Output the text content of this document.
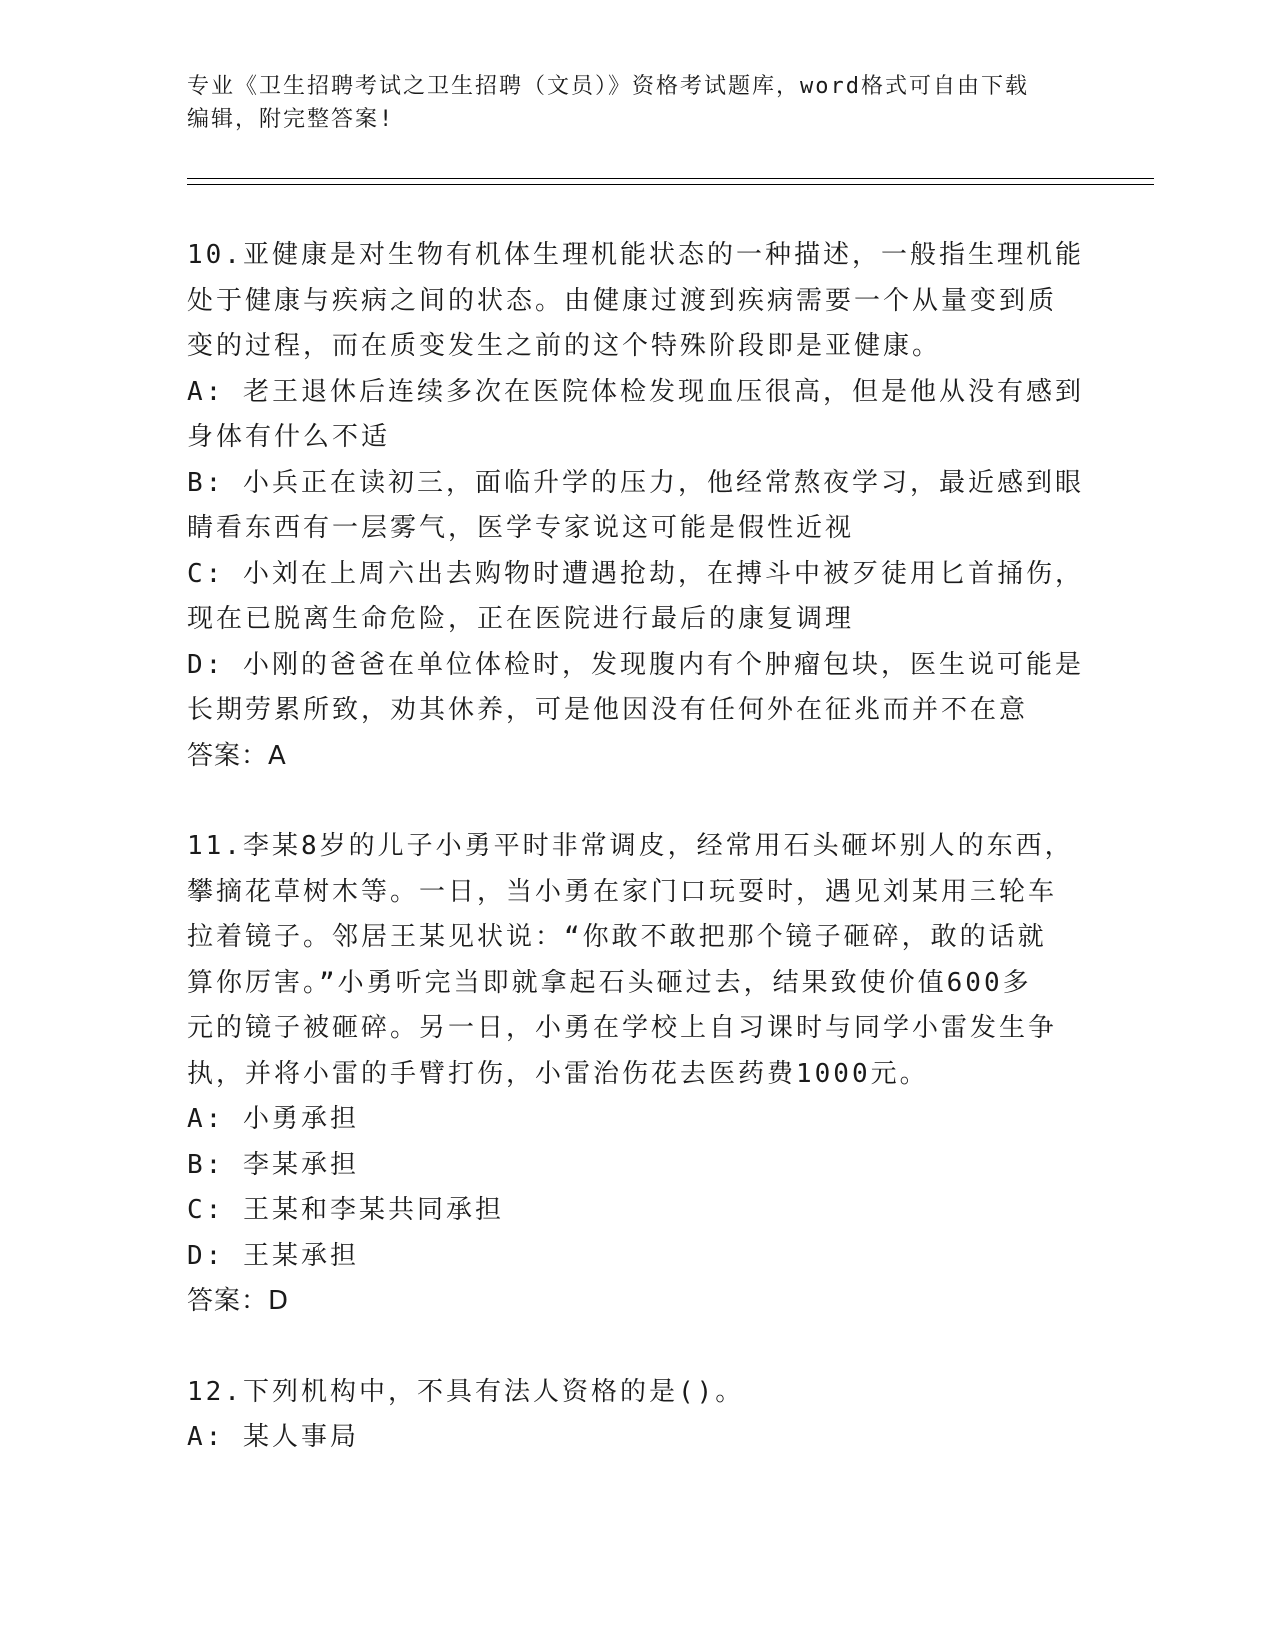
专业《卫生招聘考试之卫生招聘（文员）》资格考试题库，word格式可自由下载
编辑，附完整答案!
10.亚健康是对生物有机体生理机能状态的一种描述，一般指生理机能
处于健康与疾病之间的状态。由健康过渡到疾病需要一个从量变到质
变的过程，而在质变发生之前的这个特殊阶段即是亚健康。
A: 老王退休后连续多次在医院体检发现血压很高，但是他从没有感到
身体有什么不适
B: 小兵正在读初三，面临升学的压力，他经常熬夜学习，最近感到眼
睛看东西有一层雾气，医学专家说这可能是假性近视
C: 小刘在上周六出去购物时遭遇抢劫，在搏斗中被歹徒用匕首捅伤，
现在已脱离生命危险，正在医院进行最后的康复调理
D: 小刚的爸爸在单位体检时，发现腹内有个肿瘤包块，医生说可能是
长期劳累所致，劝其休养，可是他因没有任何外在征兆而并不在意
答案：A
11.李某8岁的儿子小勇平时非常调皮，经常用石头砸坏别人的东西，
攀摘花草树木等。一日，当小勇在家门口玩耍时，遇见刘某用三轮车
拉着镜子。邻居王某见状说：“你敢不敢把那个镜子砸碎，敢的话就
算你厉害。”小勇听完当即就拿起石头砸过去，结果致使价值600多
元的镜子被砸碎。另一日，小勇在学校上自习课时与同学小雷发生争
执，并将小雷的手臂打伤，小雷治伤花去医药费1000元。
A: 小勇承担
B: 李某承担
C: 王某和李某共同承担
D: 王某承担
答案：D
12.下列机构中，不具有法人资格的是()。
A: 某人事局
